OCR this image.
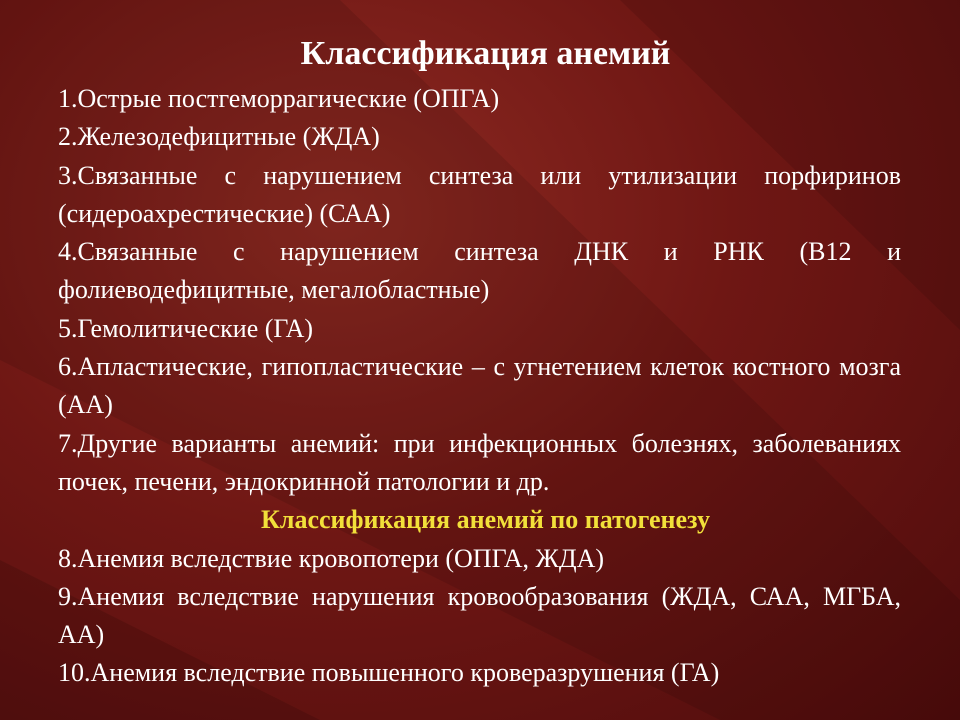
Классификация анемий

1.Острые постгеморрагические (ОПГА)

2.Железодефицитные (ЖДА)

3.Связанные с нарушением синтеза или утилизации порфиринов (сидероахрестические) (САА)

4.Связанные с нарушением синтеза ДНК и РНК (В12 и фолиеводефицитные, мегалобластные)

5.Гемолитические (ГА)

6.Апластические, гипопластические – с угнетением клеток костного мозга (АА)

7.Другие варианты анемий: при инфекционных болезнях, заболеваниях почек, печени, эндокринной патологии и др.

Классификация анемий по патогенезу

8.Анемия вследствие кровопотери (ОПГА, ЖДА)

9.Анемия вследствие нарушения кровообразования (ЖДА, САА, МГБА, АА)

10.Анемия вследствие повышенного кроверазрушения (ГА)
